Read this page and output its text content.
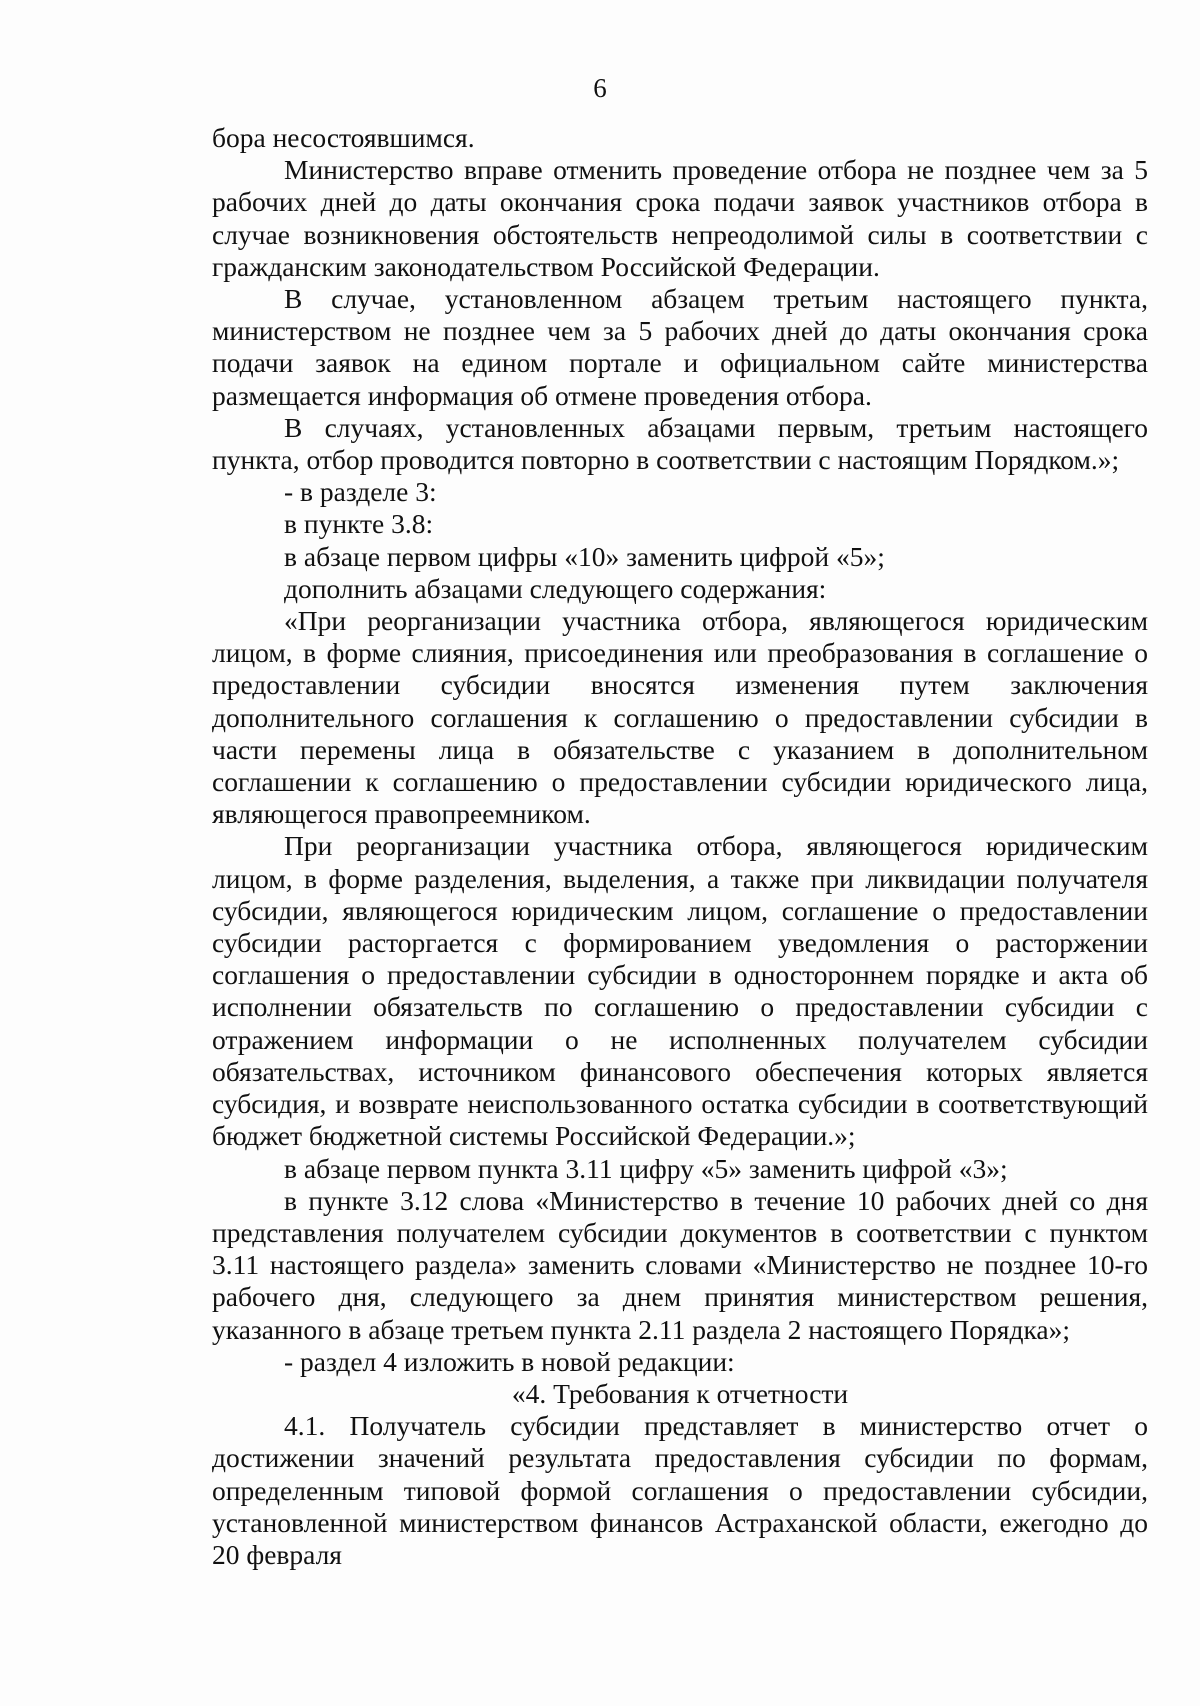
6

бора несостоявшимся.

Министерство вправе отменить проведение отбора не позднее чем за 5 рабочих дней до даты окончания срока подачи заявок участников отбора в случае возникновения обстоятельств непреодолимой силы в соответствии с гражданским законодательством Российской Федерации.

В случае, установленном абзацем третьим настоящего пункта, министерством не позднее чем за 5 рабочих дней до даты окончания срока подачи заявок на едином портале и официальном сайте министерства размещается информация об отмене проведения отбора.

В случаях, установленных абзацами первым, третьим настоящего пункта, отбор проводится повторно в соответствии с настоящим Порядком.»;

- в разделе 3:

в пункте 3.8:

в абзаце первом цифры «10» заменить цифрой «5»;

дополнить абзацами следующего содержания:

«При реорганизации участника отбора, являющегося юридическим лицом, в форме слияния, присоединения или преобразования в соглашение о предоставлении субсидии вносятся изменения путем заключения дополнительного соглашения к соглашению о предоставлении субсидии в части перемены лица в обязательстве с указанием в дополнительном соглашении к соглашению о предоставлении субсидии юридического лица, являющегося правопреемником.

При реорганизации участника отбора, являющегося юридическим лицом, в форме разделения, выделения, а также при ликвидации получателя субсидии, являющегося юридическим лицом, соглашение о предоставлении субсидии расторгается с формированием уведомления о расторжении соглашения о предоставлении субсидии в одностороннем порядке и акта об исполнении обязательств по соглашению о предоставлении субсидии с отражением информации о не исполненных получателем субсидии обязательствах, источником финансового обеспечения которых является субсидия, и возврате неиспользованного остатка субсидии в соответствующий бюджет бюджетной системы Российской Федерации.»;

в абзаце первом пункта 3.11 цифру «5» заменить цифрой «3»;

в пункте 3.12 слова «Министерство в течение 10 рабочих дней со дня представления получателем субсидии документов в соответствии с пунктом 3.11 настоящего раздела» заменить словами «Министерство не позднее 10-го рабочего дня, следующего за днем принятия министерством решения, указанного в абзаце третьем пункта 2.11 раздела 2 настоящего Порядка»;

- раздел 4 изложить в новой редакции:

«4. Требования к отчетности

4.1. Получатель субсидии представляет в министерство отчет о достижении значений результата предоставления субсидии по формам, определенным типовой формой соглашения о предоставлении субсидии, установленной министерством финансов Астраханской области, ежегодно до 20 февраля
